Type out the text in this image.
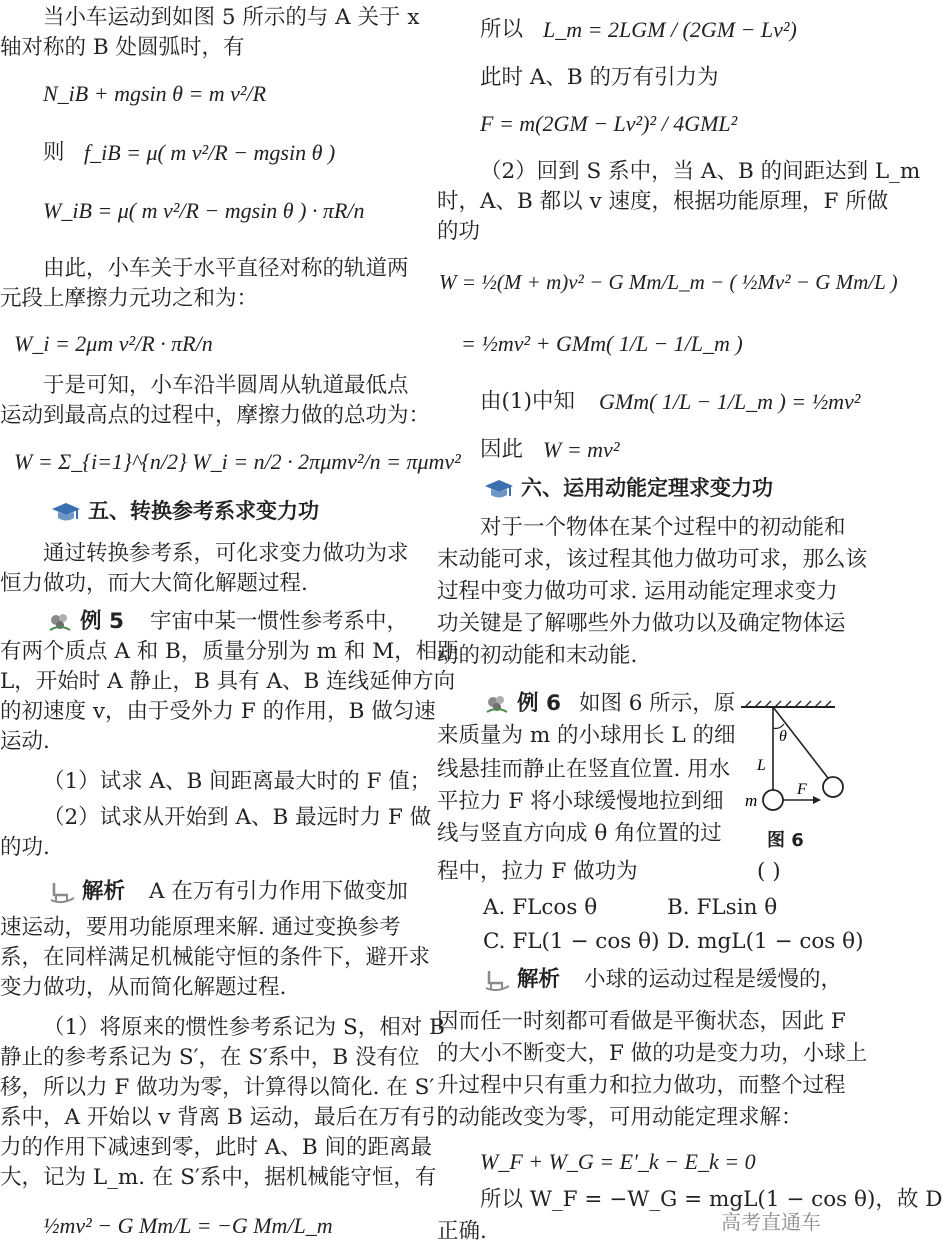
当小车运动到如图 5 所示的与 A 关于 x
轴对称的 B 处圆弧时，有
N_iB + mgsin θ = m v²/R
则 f_iB = μ( m v²/R − mgsin θ )
W_iB = μ( m v²/R − mgsin θ ) · πR/n
由此，小车关于水平直径对称的轨道两
元段上摩擦力元功之和为：
W_i = 2μm v²/R · πR/n
于是可知，小车沿半圆周从轨道最低点
运动到最高点的过程中，摩擦力做的总功为：
W = Σ_{i=1}^{n/2} W_i = n/2 · 2πμmv²/n = πμmv²
五、转换参考系求变力功
通过转换参考系，可化求变力做功为求
恒力做功，而大大简化解题过程.
例 5 宇宙中某一惯性参考系中，
有两个质点 A 和 B，质量分别为 m 和 M，相距
L，开始时 A 静止，B 具有 A、B 连线延伸方向
的初速度 v，由于受外力 F 的作用，B 做匀速
运动.
（1）试求 A、B 间距离最大时的 F 值；
（2）试求从开始到 A、B 最远时力 F 做
的功.
解析 A 在万有引力作用下做变加
速运动，要用功能原理来解. 通过变换参考
系，在同样满足机械能守恒的条件下，避开求
变力做功，从而简化解题过程.
（1）将原来的惯性参考系记为 S，相对 B
静止的参考系记为 S′，在 S′系中，B 没有位
移，所以力 F 做功为零，计算得以简化. 在 S′
系中，A 开始以 v 背离 B 运动，最后在万有引
力的作用下减速到零，此时 A、B 间的距离最
大，记为 L_m. 在 S′系中，据机械能守恒，有
½mv² − G Mm/L = −G Mm/L_m
所以 L_m = 2LGM / (2GM − Lv²)
此时 A、B 的万有引力为
F = m(2GM − Lv²)² / 4GML²
（2）回到 S 系中，当 A、B 的间距达到 L_m
时，A、B 都以 v 速度，根据功能原理，F 所做
的功
W = ½(M + m)v² − G Mm/L_m − ( ½Mv² − G Mm/L )
= ½mv² + GMm( 1/L − 1/L_m )
由(1)中知 GMm( 1/L − 1/L_m ) = ½mv²
因此 W = mv²
六、运用动能定理求变力功
对于一个物体在某个过程中的初动能和
末动能可求，该过程其他力做功可求，那么该
过程中变力做功可求. 运用动能定理求变力
功关键是了解哪些外力做功以及确定物体运
动的初动能和末动能.
例 6 如图 6 所示，原
来质量为 m 的小球用长 L 的细
线悬挂而静止在竖直位置. 用水
平拉力 F 将小球缓慢地拉到细
线与竖直方向成 θ 角位置的过
程中，拉力 F 做功为	( )
θ
L
m
F
图 6
A. FLcos θ	B. FLsin θ
C. FL(1 − cos θ) D. mgL(1 − cos θ)
解析 小球的运动过程是缓慢的，
因而任一时刻都可看做是平衡状态，因此 F
的大小不断变大，F 做的功是变力功，小球上
升过程中只有重力和拉力做功，而整个过程
的动能改变为零，可用动能定理求解：
W_F + W_G = E′_k − E_k = 0
所以 W_F = −W_G = mgL(1 − cos θ)，故 D
正确.	高考直通车
